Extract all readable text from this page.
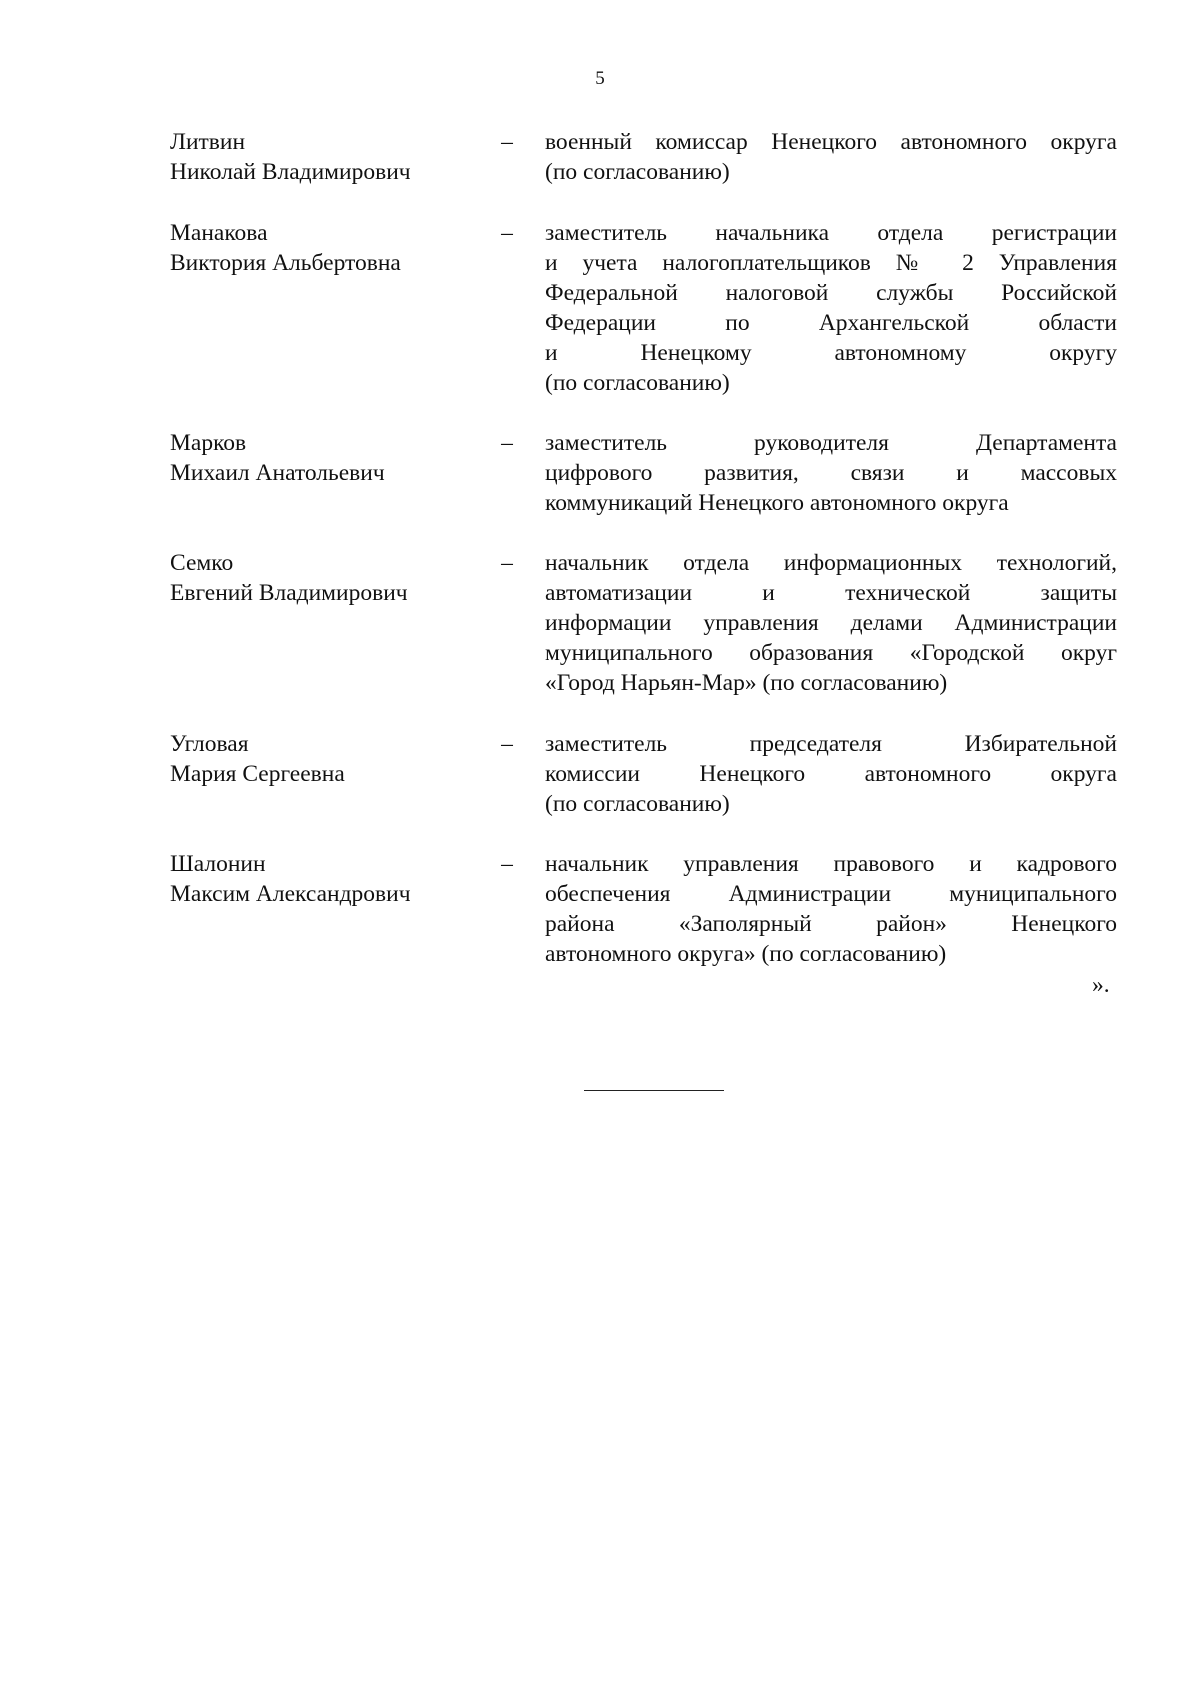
5
Литвин
Николай Владимирович
– военный комиссар Ненецкого автономного округа
(по согласованию)
Манакова
Виктория Альбертовна
– заместитель начальника отдела регистрации
и учета налогоплательщиков № 2 Управления
Федеральной налоговой службы Российской
Федерации по Архангельской области
и Ненецкому автономному округу
(по согласованию)
Марков
Михаил Анатольевич
– заместитель руководителя Департамента
цифрового развития, связи и массовых
коммуникаций Ненецкого автономного округа
Семко
Евгений Владимирович
– начальник отдела информационных технологий,
автоматизации и технической защиты
информации управления делами Администрации
муниципального образования «Городской округ
«Город Нарьян-Мар» (по согласованию)
Угловая
Мария Сергеевна
– заместитель председателя Избирательной
комиссии Ненецкого автономного округа
(по согласованию)
Шалонин
Максим Александрович
– начальник управления правового и кадрового
обеспечения Администрации муниципального
района «Заполярный район» Ненецкого
автономного округа» (по согласованию)
».
